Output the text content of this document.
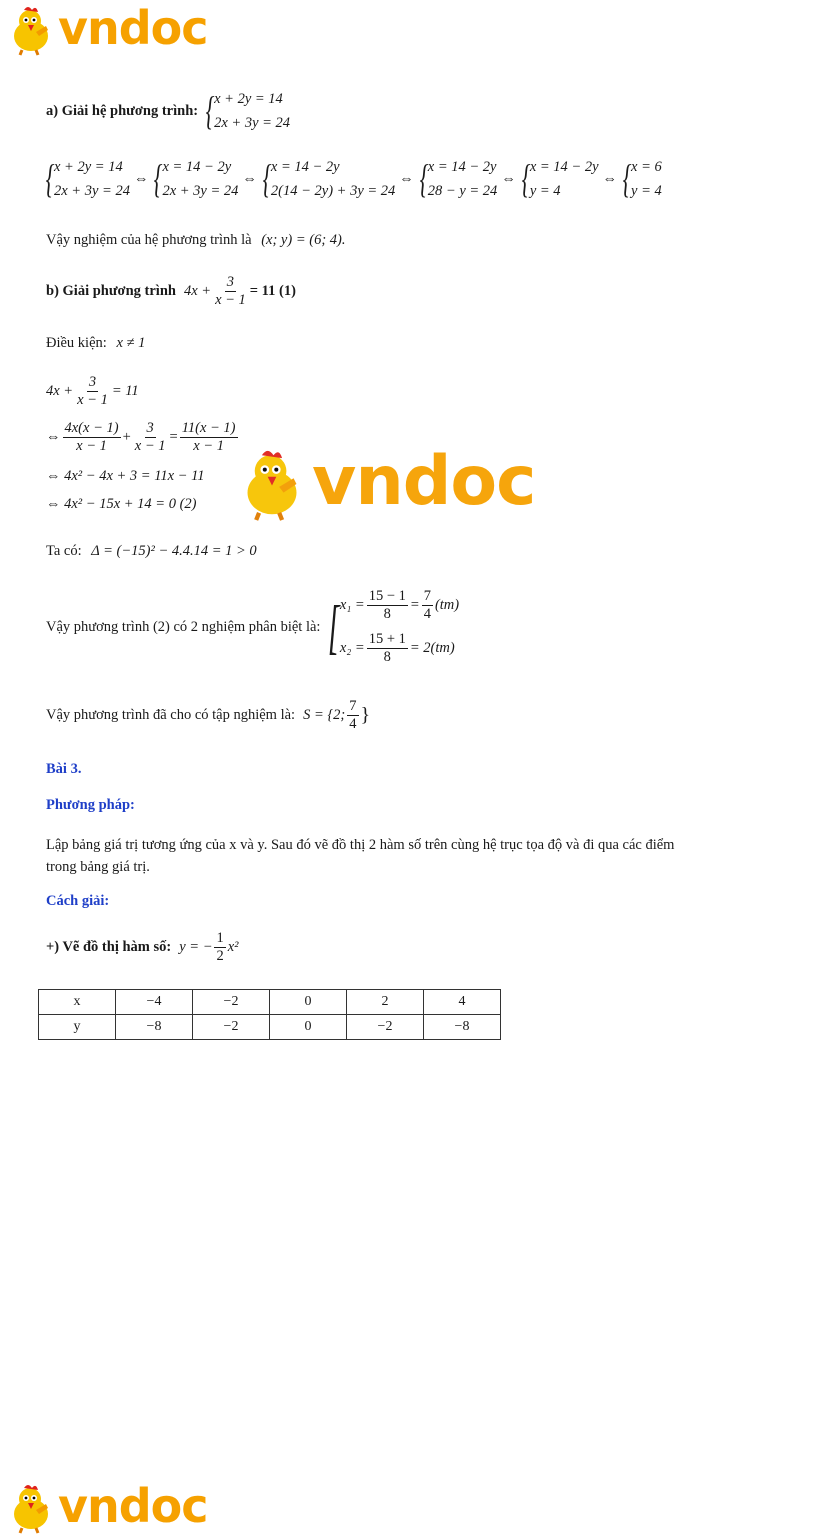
vndoc
a) Giải hệ phương trình: { x + 2y = 14
2x + 3y = 24
{ x + 2y = 14
2x + 3y = 24
⇔ { x = 14 − 2y
2x + 3y = 24
⇔ { x = 14 − 2y
2(14 − 2y) + 3y = 24
⇔ { x = 14 − 2y
28 − y = 24
⇔ { x = 14 − 2y
y = 4
⇔ { x = 6
y = 4
Vậy nghiệm của hệ phương trình là (x; y) = (6; 4).
b) Giải phương trình $4x + \frac{3}{x - 1} = 11$ (1)
Điều kiện: x ≠ 1
$4x + \frac{3}{x - 1} = 11$
⇔ $\frac{4x(x - 1)}{x - 1} + \frac{3}{x - 1} = \frac{11(x - 1)}{x - 1}$
⇔ 4x² − 4x + 3 = 11x − 11
⇔ 4x² − 15x + 14 = 0 (2) vndoc
Ta có: Δ = (−15)² − 4.4.14 = 1 > 0
Vậy phương trình (2) có 2 nghiệm phân biệt là: [ $x_1 = \frac{15 - 1}{8} = \frac{7}{4} (tm)$
$x_2 = \frac{15 + 1}{8} = 2(tm)$
Vậy phương trình đã cho có tập nghiệm là: S = {2; $\frac{7}{4}$ }
Bài 3.
Phương pháp:
Lập bảng giá trị tương ứng của x và y. Sau đó vẽ đồ thị 2 hàm số trên cùng hệ trục tọa độ và đi qua các điểm
trong bảng giá trị.
Cách giải:
+) Vẽ đồ thị hàm số: y = − $\frac{1}{2} x^2$
x	−4	−2	0	2	4
y	−8	−2	0	−2	−8
vndoc
